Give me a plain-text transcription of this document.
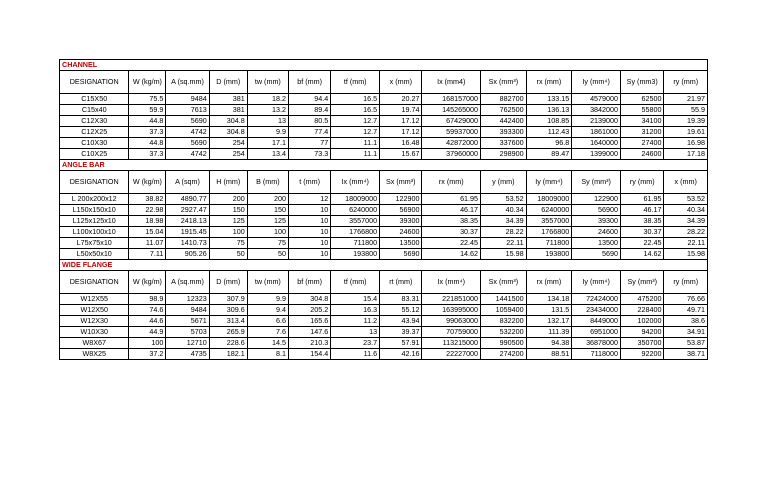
CHANNEL													
DESIGNATION	W (kg/m)	A (sq.mm)	D (mm)	tw (mm)	bf (mm)	tf (mm)	x (mm)	Ix (mm4)	Sx (mm³)	rx (mm)	Iy (mm⁴)	Sy (mm3)	ry (mm)
C15X50	75.5	9484	381	18.2	94.4	16.5	20.27	168157000	882700	133.15	4579000	62500	21.97
C15x40	59.9	7613	381	13.2	89.4	16.5	19.74	145265000	762500	136.13	3842000	55800	55.9
C12X30	44.8	5690	304.8	13	80.5	12.7	17.12	67429000	442400	108.85	2139000	34100	19.39
C12X25	37.3	4742	304.8	9.9	77.4	12.7	17.12	59937000	393300	112.43	1861000	31200	19.61
C10X30	44.8	5690	254	17.1	77	11.1	16.48	42872000	337600	96.8	1640000	27400	16.98
C10X25	37.3	4742	254	13.4	73.3	11.1	15.67	37960000	298900	89.47	1399000	24600	17.18
ANGLE BAR													
DESIGNATION	W (kg/m)	A (sqm)	H (mm)	B (mm)	t (mm)	Ix (mm⁴)	Sx (mm³)	rx (mm)	y (mm)	Iy (mm⁴)	Sy (mm³)	ry (mm)	x (mm)
L 200x200x12	38.82	4890.77	200	200	12	18009000	122900	61.95	53.52	18009000	122900	61.95	53.52
L150x150x10	22.98	2927.47	150	150	10	6240000	56900	46.17	40.34	6240000	56900	46.17	40.34
L125x125x10	18.98	2418.13	125	125	10	3557000	39300	38.35	34.39	3557000	39300	38.35	34.39
L100x100x10	15.04	1915.45	100	100	10	1766800	24600	30.37	28.22	1766800	24600	30.37	28.22
L75x75x10	11.07	1410.73	75	75	10	711800	13500	22.45	22.11	711800	13500	22.45	22.11
L50x50x10	7.11	905.26	50	50	10	193800	5690	14.62	15.98	193800	5690	14.62	15.98
WIDE FLANGE													
DESIGNATION	W (kg/m)	A (sq.mm)	D (mm)	tw (mm)	bf (mm)	tf (mm)	rt (mm)	Ix (mm⁴)	Sx (mm³)	rx (mm)	Iy (mm⁴)	Sy (mm³)	ry (mm)
W12X55	98.9	12323	307.9	9.9	304.8	15.4	83.31	221851000	1441500	134.18	72424000	475200	76.66
W12X50	74.6	9484	309.6	9.4	205.2	16.3	55.12	163995000	1059400	131.5	23434000	228400	49.71
W12X30	44.6	5671	313.4	6.6	165.6	11.2	43.94	99063000	832200	132.17	8449000	102000	38.6
W10X30	44.9	5703	265.9	7.6	147.6	13	39.37	70759000	532200	111.39	6951000	94200	34.91
W8X67	100	12710	228.6	14.5	210.3	23.7	57.91	113215000	990500	94.38	36878000	350700	53.87
W8X25	37.2	4735	182.1	8.1	154.4	11.6	42.16	22227000	274200	88.51	7118000	92200	38.71
